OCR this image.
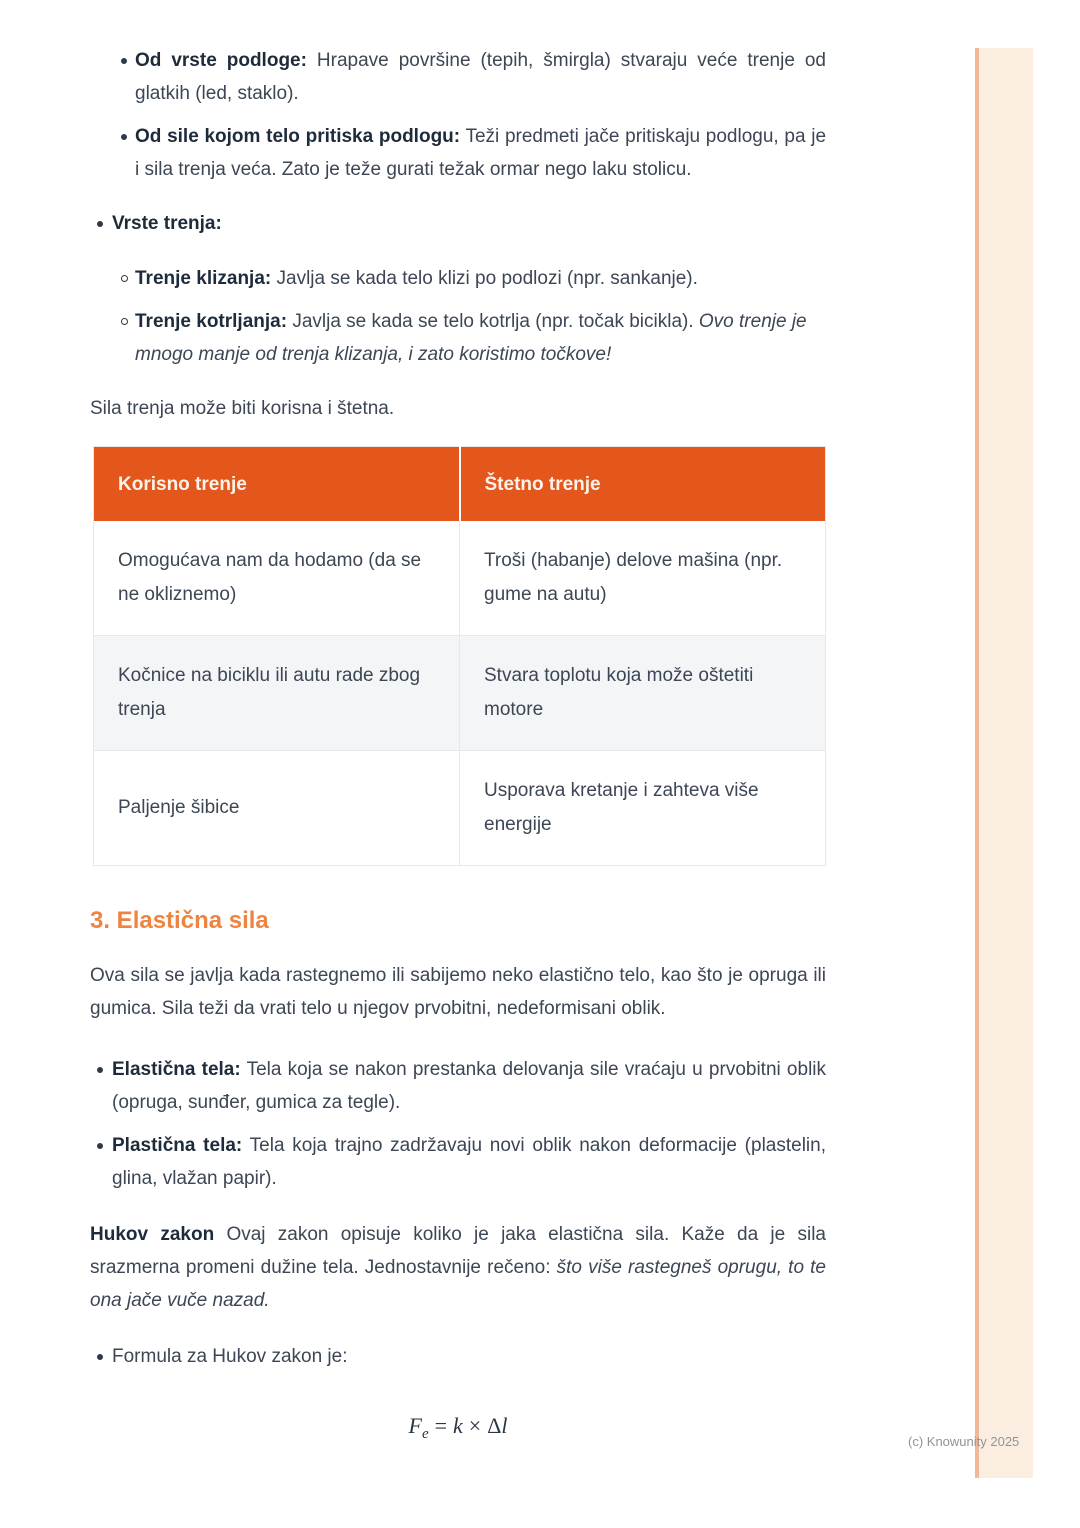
Od vrste podloge: Hrapave površine (tepih, šmirgla) stvaraju veće trenje od glatkih (led, staklo).

Od sile kojom telo pritiska podlogu: Teži predmeti jače pritiskaju podlogu, pa je i sila trenja veća. Zato je teže gurati težak ormar nego laku stolicu.

Vrste trenja:

Trenje klizanja: Javlja se kada telo klizi po podlozi (npr. sankanje).

Trenje kotrljanja: Javlja se kada se telo kotrlja (npr. točak bicikla). Ovo trenje je mnogo manje od trenja klizanja, i zato koristimo točkove!

Sila trenja može biti korisna i štetna.

Korisno trenje	Štetno trenje
Omogućava nam da hodamo (da se ne okliznemo)	Troši (habanje) delove mašina (npr. gume na autu)
Kočnice na biciklu ili autu rade zbog trenja	Stvara toplotu koja može oštetiti motore
Paljenje šibice	Usporava kretanje i zahteva više energije
3. Elastična sila

Ova sila se javlja kada rastegnemo ili sabijemo neko elastično telo, kao što je opruga ili gumica. Sila teži da vrati telo u njegov prvobitni, nedeformisani oblik.

Elastična tela: Tela koja se nakon prestanka delovanja sile vraćaju u prvobitni oblik (opruga, sunđer, gumica za tegle).

Plastična tela: Tela koja trajno zadržavaju novi oblik nakon deformacije (plastelin, glina, vlažan papir).

Hukov zakon Ovaj zakon opisuje koliko je jaka elastična sila. Kaže da je sila srazmerna promeni dužine tela. Jednostavnije rečeno: što više rastegneš oprugu, to te ona jače vuče nazad.

Formula za Hukov zakon je:

$F_e = k \times \Delta l$
(c) Knowunity 2025
